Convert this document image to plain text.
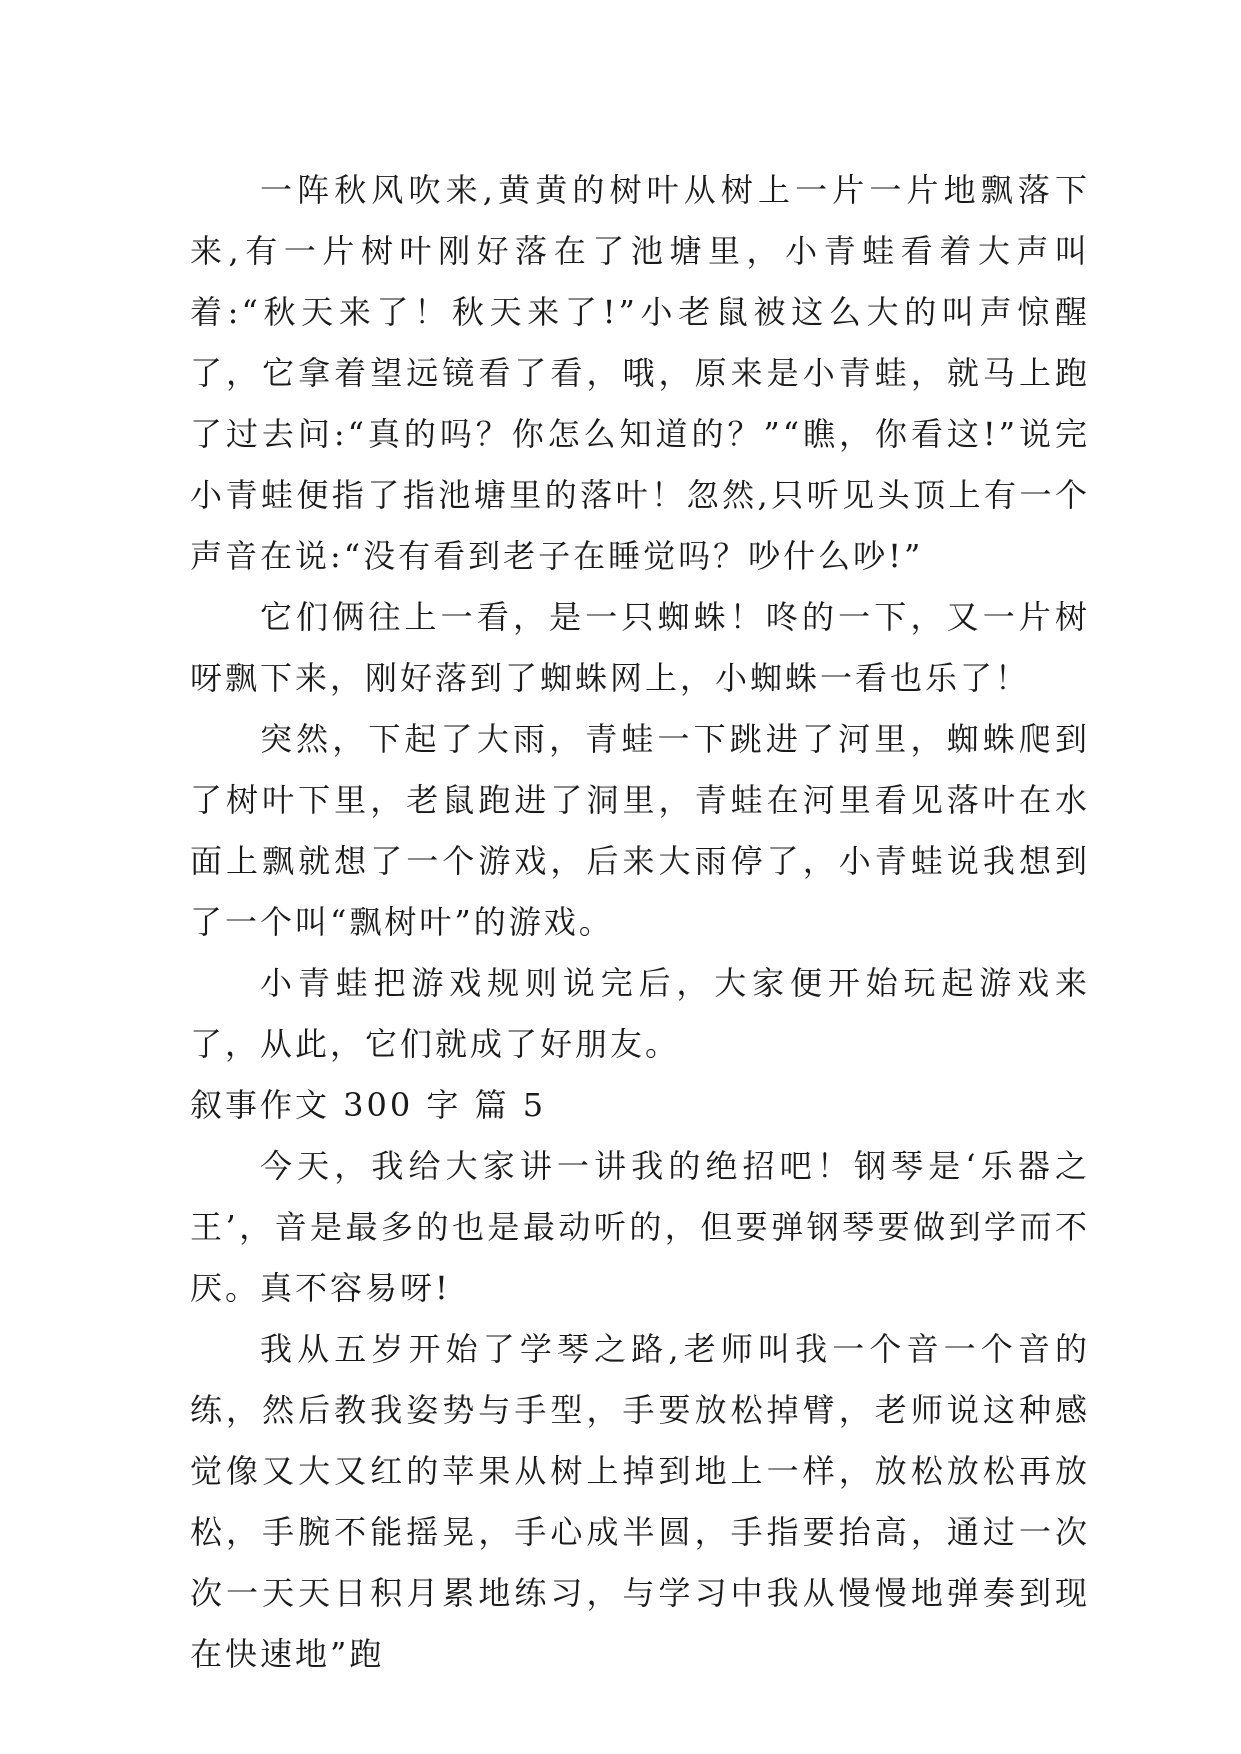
一阵秋风吹来,黄黄的树叶从树上一片一片地飘落下来,有一片树叶刚好落在了池塘里，小青蛙看着大声叫着:“秋天来了！秋天来了!”小老鼠被这么大的叫声惊醒了，它拿着望远镜看了看，哦，原来是小青蛙，就马上跑了过去问:“真的吗？你怎么知道的？”“瞧，你看这!”说完小青蛙便指了指池塘里的落叶！忽然,只听见头顶上有一个声音在说:“没有看到老子在睡觉吗？吵什么吵!”

它们俩往上一看，是一只蜘蛛！咚的一下，又一片树呀飘下来，刚好落到了蜘蛛网上，小蜘蛛一看也乐了！

突然，下起了大雨，青蛙一下跳进了河里，蜘蛛爬到了树叶下里，老鼠跑进了洞里，青蛙在河里看见落叶在水面上飘就想了一个游戏，后来大雨停了，小青蛙说我想到了一个叫“飘树叶”的游戏。

小青蛙把游戏规则说完后，大家便开始玩起游戏来了，从此，它们就成了好朋友。

叙事作文 300 字 篇 5

今天，我给大家讲一讲我的绝招吧！钢琴是‘乐器之王’，音是最多的也是最动听的，但要弹钢琴要做到学而不厌。真不容易呀!

我从五岁开始了学琴之路,老师叫我一个音一个音的练，然后教我姿势与手型，手要放松掉臂，老师说这种感觉像又大又红的苹果从树上掉到地上一样，放松放松再放松，手腕不能摇晃，手心成半圆，手指要抬高，通过一次次一天天日积月累地练习，与学习中我从慢慢地弹奏到现在快速地”跑
